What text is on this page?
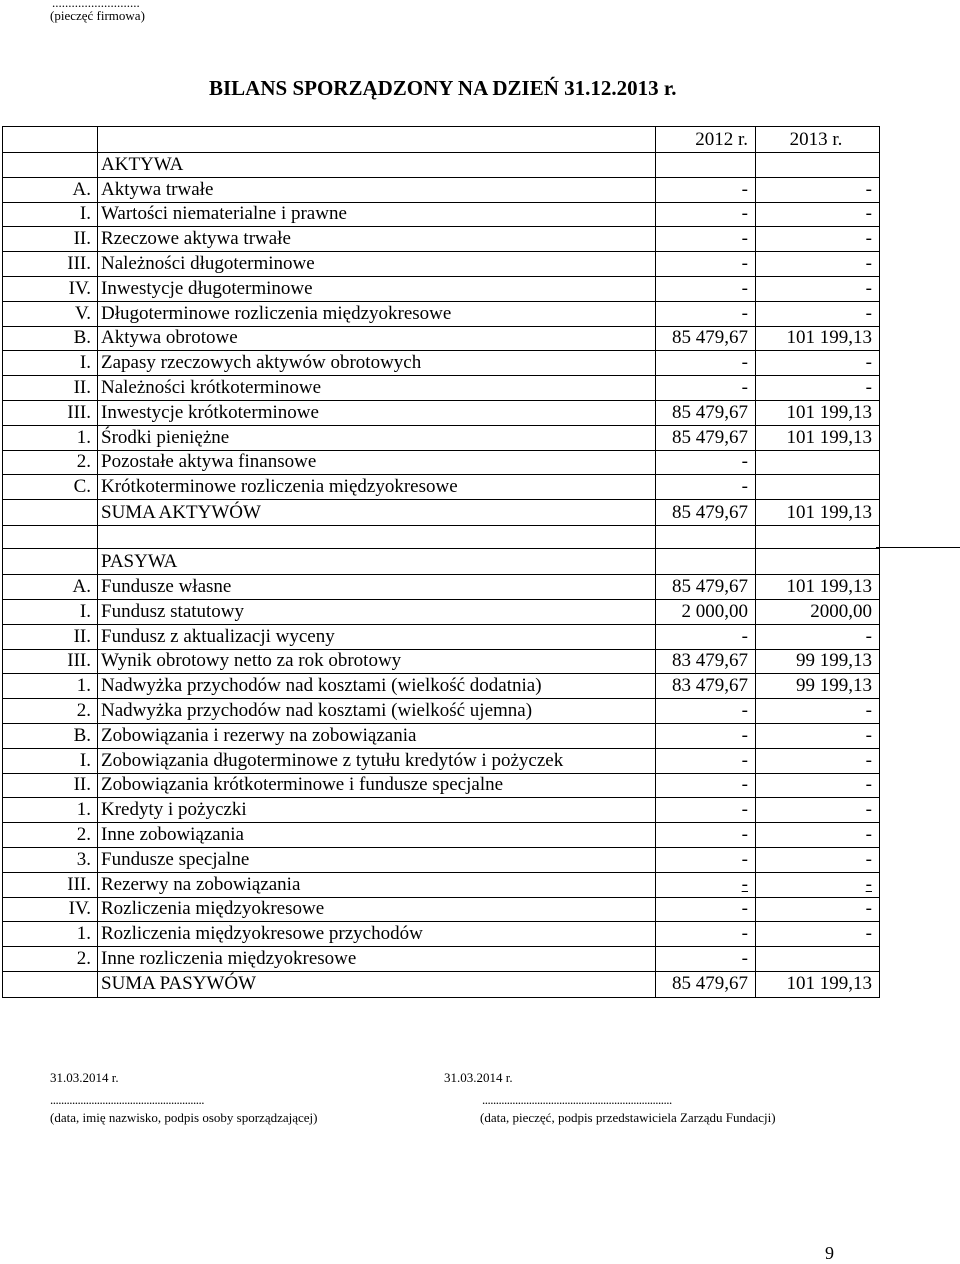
...........................
(pieczęć firmowa)
BILANS SPORZĄDZONY NA DZIEŃ 31.12.2013 r.
		2012 r.	2013 r.
	AKTYWA		
A.	Aktywa trwałe	-	-
I.	Wartości niematerialne i prawne	-	-
II.	Rzeczowe aktywa trwałe	-	-
III.	Należności długoterminowe	-	-
IV.	Inwestycje długoterminowe	-	-
V.	Długoterminowe rozliczenia międzyokresowe	-	-
B.	Aktywa obrotowe	85 479,67	101 199,13
I.	Zapasy rzeczowych aktywów obrotowych	-	-
II.	Należności krótkoterminowe	-	-
III.	Inwestycje krótkoterminowe	85 479,67	101 199,13
1.	Środki pieniężne	85 479,67	101 199,13
2.	Pozostałe aktywa finansowe	-	
C.	Krótkoterminowe rozliczenia międzyokresowe	-	
	SUMA AKTYWÓW	85 479,67	101 199,13

	PASYWA		
A.	Fundusze własne	85 479,67	101 199,13
I.	Fundusz statutowy	2 000,00	2000,00
II.	Fundusz z aktualizacji wyceny	-	-
III.	Wynik obrotowy netto za rok obrotowy	83 479,67	99 199,13
1.	Nadwyżka przychodów nad kosztami (wielkość dodatnia)	83 479,67	99 199,13
2.	Nadwyżka przychodów nad kosztami (wielkość ujemna)	-	-
B.	Zobowiązania i rezerwy na zobowiązania	-	-
I.	Zobowiązania długoterminowe z tytułu kredytów i pożyczek	-	-
II.	Zobowiązania krótkoterminowe i fundusze specjalne	-	-
1.	Kredyty i pożyczki	-	-
2.	Inne zobowiązania	-	-
3.	Fundusze specjalne	-	-
III.	Rezerwy na zobowiązania	-	-
IV.	Rozliczenia międzyokresowe	-	-
1.	Rozliczenia międzyokresowe przychodów	-	-
2.	Inne rozliczenia międzyokresowe	-	
	SUMA PASYWÓW	85 479,67	101 199,13
31.03.2014 r.
........................................................
(data, imię nazwisko, podpis osoby sporządzającej)
31.03.2014 r.
.....................................................................
(data, pieczęć, podpis przedstawiciela Zarządu Fundacji)
9
